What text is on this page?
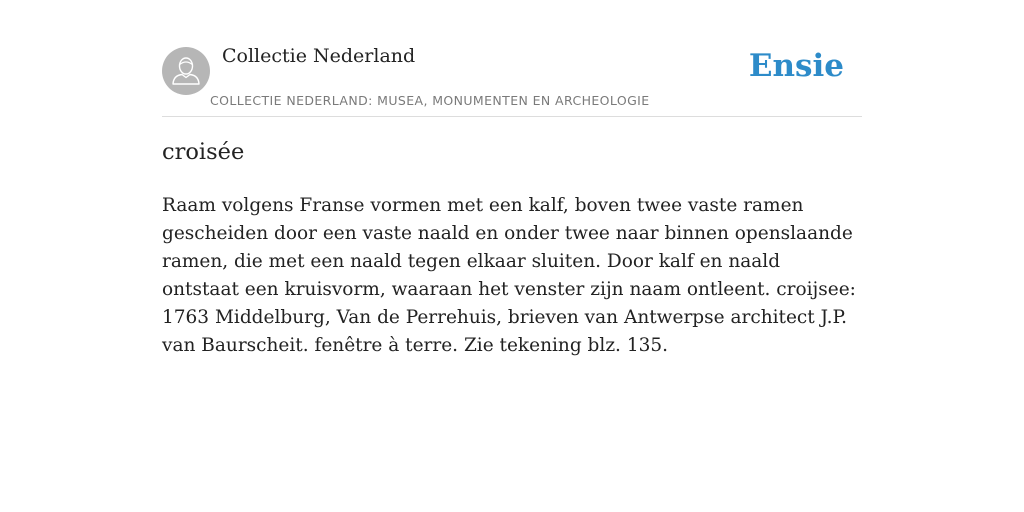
Collectie Nederland
COLLECTIE NEDERLAND: MUSEA, MONUMENTEN EN ARCHEOLOGIE
Ensie
croisée

Raam volgens Franse vormen met een kalf, boven twee vaste ramen gescheiden door een vaste naald en onder twee naar binnen openslaande ramen, die met een naald tegen elkaar sluiten. Door kalf en naald ontstaat een kruisvorm, waaraan het venster zijn naam ontleent. croijsee: 1763 Middelburg, Van de Perrehuis, brieven van Antwerpse architect J.P. van Baurscheit. fenêtre à terre. Zie tekening blz. 135.
